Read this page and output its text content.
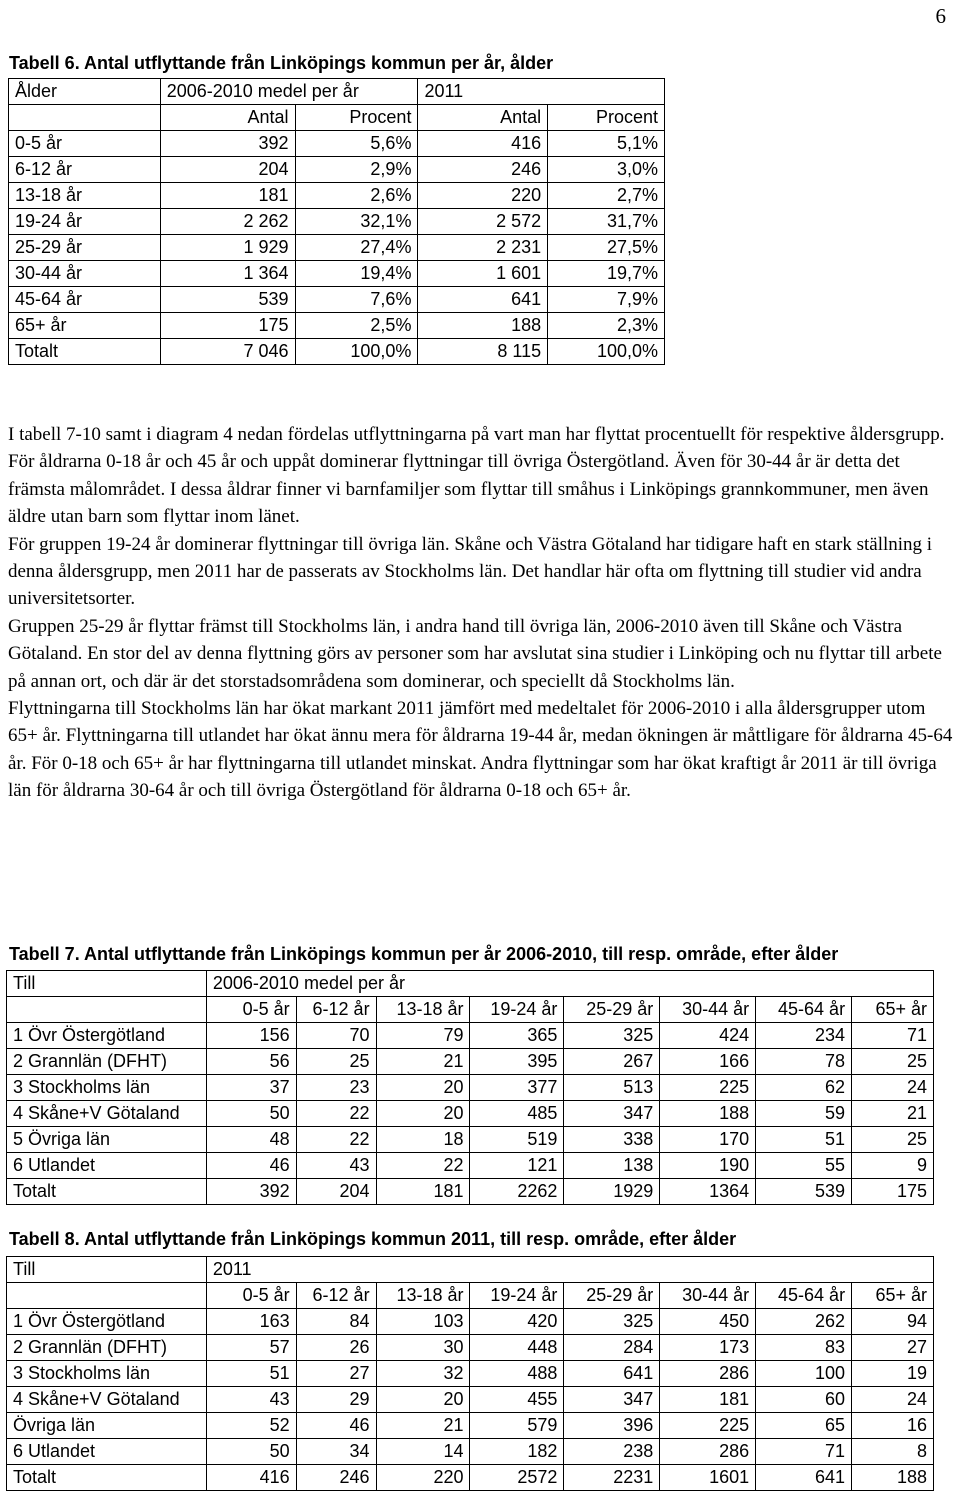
6
Tabell 6. Antal utflyttande från Linköpings kommun per år, ålder
Ålder	2006-2010 medel per år		2011	
	Antal	Procent	Antal	Procent
0-5 år	392	5,6%	416	5,1%
6-12 år	204	2,9%	246	3,0%
13-18 år	181	2,6%	220	2,7%
19-24 år	2 262	32,1%	2 572	31,7%
25-29 år	1 929	27,4%	2 231	27,5%
30-44 år	1 364	19,4%	1 601	19,7%
45-64 år	539	7,6%	641	7,9%
65+ år	175	2,5%	188	2,3%
Totalt	7 046	100,0%	8 115	100,0%

I tabell 7-10 samt i diagram 4 nedan fördelas utflyttningarna på vart man har flyttat procentuellt för respektive åldersgrupp.

För åldrarna 0-18 år och 45 år och uppåt dominerar flyttningar till övriga Östergötland. Även för 30-44 år är detta det främsta målområdet. I dessa åldrar finner vi barnfamiljer som flyttar till småhus i Linköpings grannkommuner, men även äldre utan barn som flyttar inom länet.

För gruppen 19-24 år dominerar flyttningar till övriga län. Skåne och Västra Götaland har tidigare haft en stark ställning i denna åldersgrupp, men 2011 har de passerats av Stockholms län. Det handlar här ofta om flyttning till studier vid andra universitetsorter.

Gruppen 25-29 år flyttar främst till Stockholms län, i andra hand till övriga län, 2006-2010 även till Skåne och Västra Götaland. En stor del av denna flyttning görs av personer som har avslutat sina studier i Linköping och nu flyttar till arbete på annan ort, och där är det storstadsområdena som dominerar, och speciellt då Stockholms län.

Flyttningarna till Stockholms län har ökat markant 2011 jämfört med medeltalet för 2006-2010 i alla åldersgrupper utom 65+ år. Flyttningarna till utlandet har ökat ännu mera för åldrarna 19-44 år, medan ökningen är måttligare för åldrarna 45-64 år. För 0-18 och 65+ år har flyttningarna till utlandet minskat. Andra flyttningar som har ökat kraftigt år 2011 är till övriga län för åldrarna 30-64 år och till övriga Östergötland för åldrarna 0-18 och 65+ år.

Tabell 7. Antal utflyttande från Linköpings kommun per år 2006-2010, till resp. område, efter ålder
Till	2006-2010 medel per år							
	0-5 år	6-12 år	13-18 år	19-24 år	25-29 år	30-44 år	45-64 år	65+ år
1 Övr Östergötland	156	70	79	365	325	424	234	71
2 Grannlän (DFHT)	56	25	21	395	267	166	78	25
3 Stockholms län	37	23	20	377	513	225	62	24
4 Skåne+V Götaland	50	22	20	485	347	188	59	21
5 Övriga län	48	22	18	519	338	170	51	25
6 Utlandet	46	43	22	121	138	190	55	9
Totalt	392	204	181	2262	1929	1364	539	175
Tabell 8. Antal utflyttande från Linköpings kommun 2011, till resp. område, efter ålder
Till	2011							
	0-5 år	6-12 år	13-18 år	19-24 år	25-29 år	30-44 år	45-64 år	65+ år
1 Övr Östergötland	163	84	103	420	325	450	262	94
2 Grannlän (DFHT)	57	26	30	448	284	173	83	27
3 Stockholms län	51	27	32	488	641	286	100	19
4 Skåne+V Götaland	43	29	20	455	347	181	60	24
Övriga län	52	46	21	579	396	225	65	16
6 Utlandet	50	34	14	182	238	286	71	8
Totalt	416	246	220	2572	2231	1601	641	188
